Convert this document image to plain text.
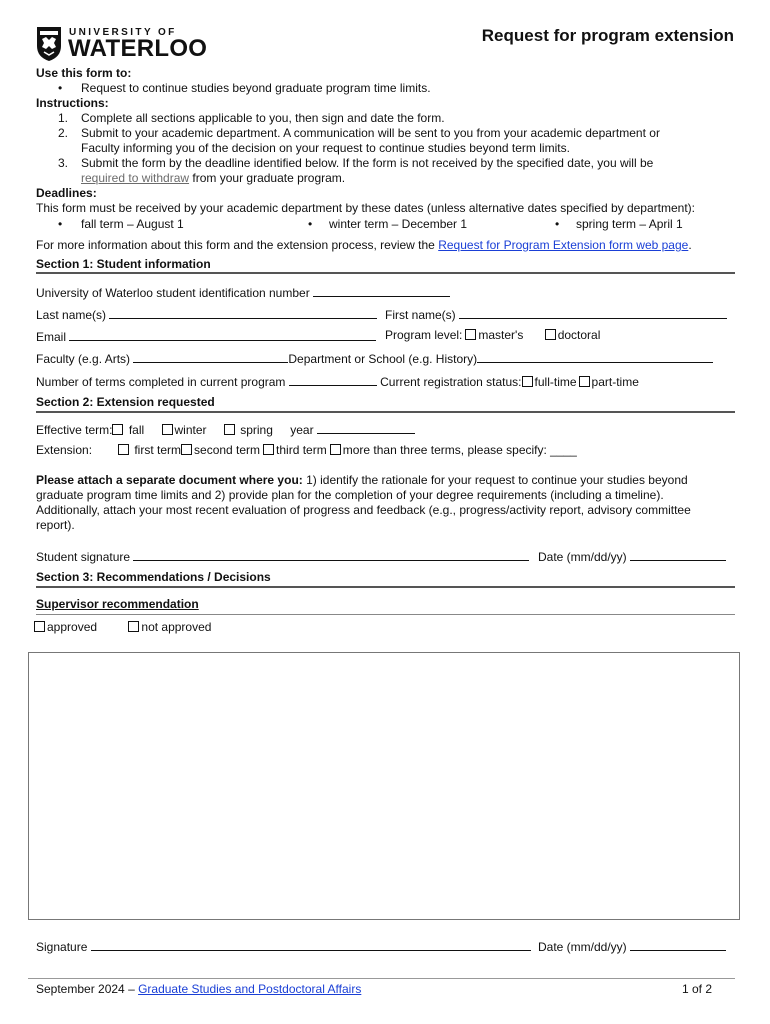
UNIVERSITY OF
WATERLOO	Request for program extension
Use this form to:
• Request to continue studies beyond graduate program time limits.
Instructions:
1. Complete all sections applicable to you, then sign and date the form.
2. Submit to your academic department. A communication will be sent to you from your academic department or
Faculty informing you of the decision on your request to continue studies beyond term limits.
3. Submit the form by the deadline identified below. If the form is not received by the specified date, you will be
required to withdraw from your graduate program.
Deadlines:
This form must be received by your academic department by these dates (unless alternative dates specified by department):
• fall term – August 1	• winter term – December 1	• spring term – April 1
For more information about this form and the extension process, review the Request for Program Extension form web page.
Section 1: Student information
University of Waterloo student identification number
Last name(s)	First name(s)
Email	Program level: master's	doctoral
Faculty (e.g. Arts)	Department or School (e.g. History)
Number of terms completed in current program	Current registration status: full-time part-time
Section 2: Extension requested
Effective term: fall	winter	spring year
Extension:	first term second term third term more than three terms, please specify: ____
Please attach a separate document where you: 1) identify the rationale for your request to continue your studies beyond
graduate program time limits and 2) provide plan for the completion of your degree requirements (including a timeline).
Additionally, attach your most recent evaluation of progress and feedback (e.g., progress/activity report, advisory committee
report).
Student signature	Date (mm/dd/yy)
Section 3: Recommendations / Decisions
Supervisor recommendation
approved	not approved
Signature	Date (mm/dd/yy)
September 2024 – Graduate Studies and Postdoctoral Affairs	1 of 2
